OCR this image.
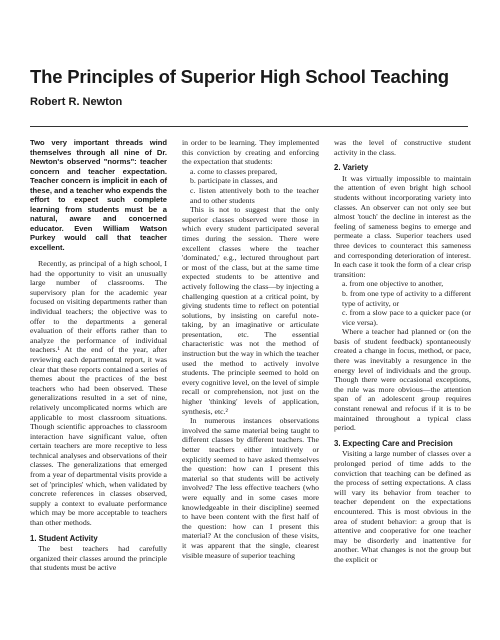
The Principles of Superior High School Teaching

Robert R. Newton

Two very important threads wind themselves through all nine of Dr. Newton's observed "norms": teacher concern and teacher expectation. Teacher concern is implicit in each of these, and a teacher who expends the effort to expect such complete learning from students must be a natural, aware and concerned educator. Even William Watson Purkey would call that teacher excellent.

Recently, as principal of a high school, I had the opportunity to visit an unusually large number of classrooms. The supervisory plan for the academic year focused on visiting departments rather than individual teachers; the objective was to offer to the departments a general evaluation of their efforts rather than to analyze the performance of individual teachers.¹ At the end of the year, after reviewing each departmental report, it was clear that these reports contained a series of themes about the practices of the best teachers who had been observed. These generalizations resulted in a set of nine, relatively uncomplicated norms which are applicable to most classroom situations. Though scientific approaches to classroom interaction have significant value, often certain teachers are more receptive to less technical analyses and observations of their classes. The generalizations that emerged from a year of departmental visits provide a set of 'principles' which, when validated by concrete references in classes observed, supply a context to evaluate performance which may be more acceptable to teachers than other methods.

1. Student Activity

The best teachers had carefully organized their classes around the principle that students must be active

in order to be learning. They implemented this conviction by creating and enforcing the expectation that students:

a. come to classes prepared,

b. participate in classes, and

c. listen attentively both to the teacher and to other students

This is not to suggest that the only superior classes observed were those in which every student participated several times during the session. There were excellent classes where the teacher 'dominated,' e.g., lectured throughout part or most of the class, but at the same time expected students to be attentive and actively following the class—by injecting a challenging question at a critical point, by giving students time to reflect on potential solutions, by insisting on careful note-taking, by an imaginative or articulate presentation, etc. The essential characteristic was not the method of instruction but the way in which the teacher used the method to actively involve students. The principle seemed to hold on every cognitive level, on the level of simple recall or comprehension, not just on the higher 'thinking' levels of application, synthesis, etc.²

In numerous instances observations involved the same material being taught to different classes by different teachers. The better teachers either intuitively or explicitly seemed to have asked themselves the question: how can I present this material so that students will be actively involved? The less effective teachers (who were equally and in some cases more knowledgeable in their discipline) seemed to have been content with the first half of the question: how can I present this material? At the conclusion of these visits, it was apparent that the single, clearest visible measure of superior teaching

was the level of constructive student activity in the class.

2. Variety

It was virtually impossible to maintain the attention of even bright high school students without incorporating variety into classes. An observer can not only see but almost 'touch' the decline in interest as the feeling of sameness begins to emerge and permeate a class. Superior teachers used three devices to counteract this sameness and corresponding deterioration of interest. In each case it took the form of a clear crisp transition:

a. from one objective to another,

b. from one type of activity to a different type of activity, or

c. from a slow pace to a quicker pace (or vice versa).

Where a teacher had planned or (on the basis of student feedback) spontaneously created a change in focus, method, or pace, there was inevitably a resurgence in the energy level of individuals and the group. Though there were occasional exceptions, the rule was more obvious—the attention span of an adolescent group requires constant renewal and refocus if it is to be maintained throughout a typical class period.

3. Expecting Care and Precision

Visiting a large number of classes over a prolonged period of time adds to the conviction that teaching can be defined as the process of setting expectations. A class will vary its behavior from teacher to teacher dependent on the expectations encountered. This is most obvious in the area of student behavior: a group that is attentive and cooperative for one teacher may be disorderly and inattentive for another. What changes is not the group but the explicit or
